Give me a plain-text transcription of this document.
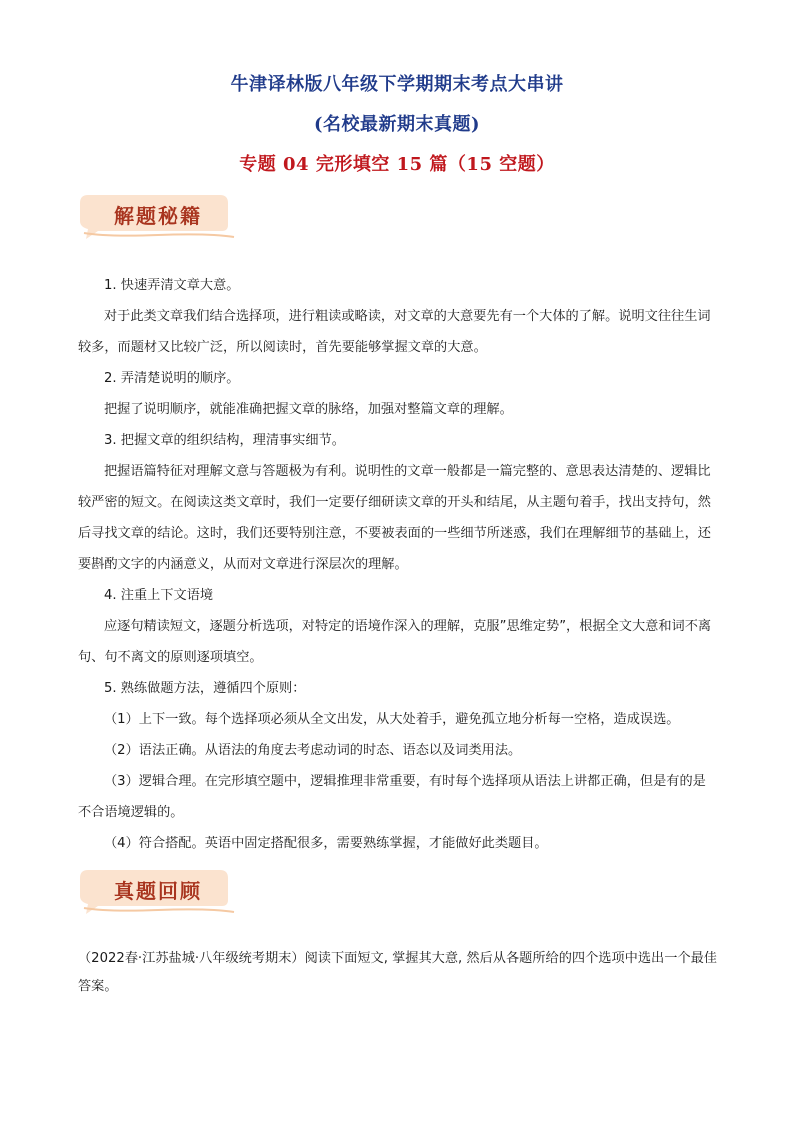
牛津译林版八年级下学期期末考点大串讲
(名校最新期末真题)
专题 04 完形填空 15 篇（15 空题）
解题秘籍
1. 快速弄清文章大意。
对于此类文章我们结合选择项，进行粗读或略读，对文章的大意要先有一个大体的了解。说明文往往生词较多，而题材又比较广泛，所以阅读时，首先要能够掌握文章的大意。
2. 弄清楚说明的顺序。
把握了说明顺序，就能准确把握文章的脉络，加强对整篇文章的理解。
3. 把握文章的组织结构，理清事实细节。
把握语篇特征对理解文意与答题极为有利。说明性的文章一般都是一篇完整的、意思表达清楚的、逻辑比较严密的短文。在阅读这类文章时，我们一定要仔细研读文章的开头和结尾，从主题句着手，找出支持句，然后寻找文章的结论。这时，我们还要特别注意，不要被表面的一些细节所迷惑，我们在理解细节的基础上，还要斟酌文字的内涵意义，从而对文章进行深层次的理解。
4. 注重上下文语境
应逐句精读短文，逐题分析选项，对特定的语境作深入的理解，克服”思维定势”，根据全文大意和词不离句、句不离文的原则逐项填空。
5. 熟练做题方法，遵循四个原则：
（1）上下一致。每个选择项必须从全文出发，从大处着手，避免孤立地分析每一空格，造成误选。
（2）语法正确。从语法的角度去考虑动词的时态、语态以及词类用法。
（3）逻辑合理。在完形填空题中，逻辑推理非常重要，有时每个选择项从语法上讲都正确，但是有的是不合语境逻辑的。
（4）符合搭配。英语中固定搭配很多，需要熟练掌握，才能做好此类题目。
真题回顾
（2022春·江苏盐城·八年级统考期末）阅读下面短文, 掌握其大意, 然后从各题所给的四个选项中选出一个最佳答案。
